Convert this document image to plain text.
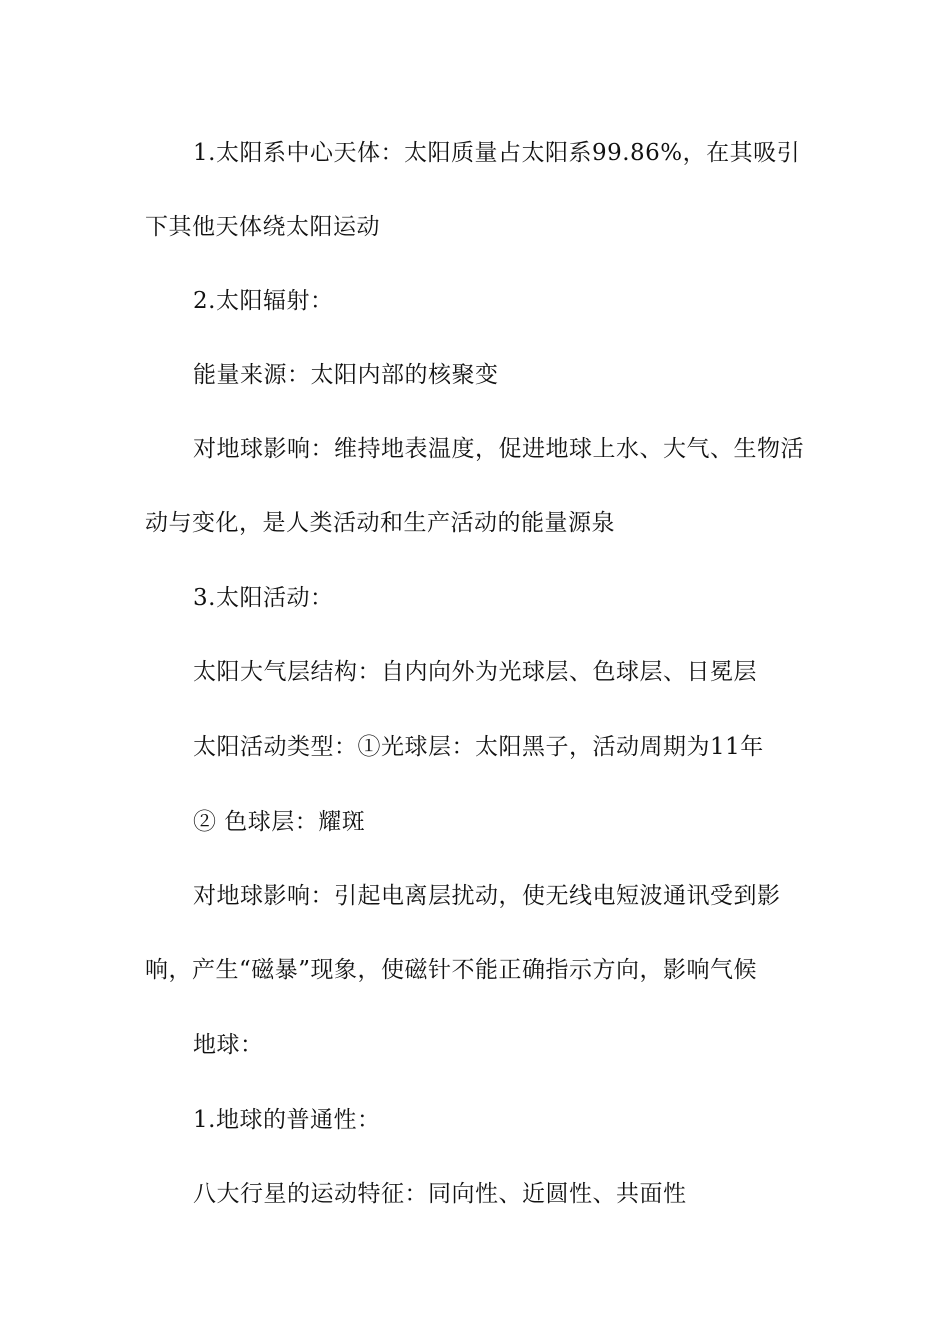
1.太阳系中心天体：太阳质量占太阳系99.86%，在其吸引下其他天体绕太阳运动

2.太阳辐射：

能量来源：太阳内部的核聚变

对地球影响：维持地表温度，促进地球上水、大气、生物活动与变化，是人类活动和生产活动的能量源泉

3.太阳活动：

太阳大气层结构：自内向外为光球层、色球层、日冕层

太阳活动类型：①光球层：太阳黑子，活动周期为11年

② 色球层：耀斑

对地球影响：引起电离层扰动，使无线电短波通讯受到影响，产生“磁暴”现象，使磁针不能正确指示方向，影响气候

地球：

1.地球的普通性：

八大行星的运动特征：同向性、近圆性、共面性
